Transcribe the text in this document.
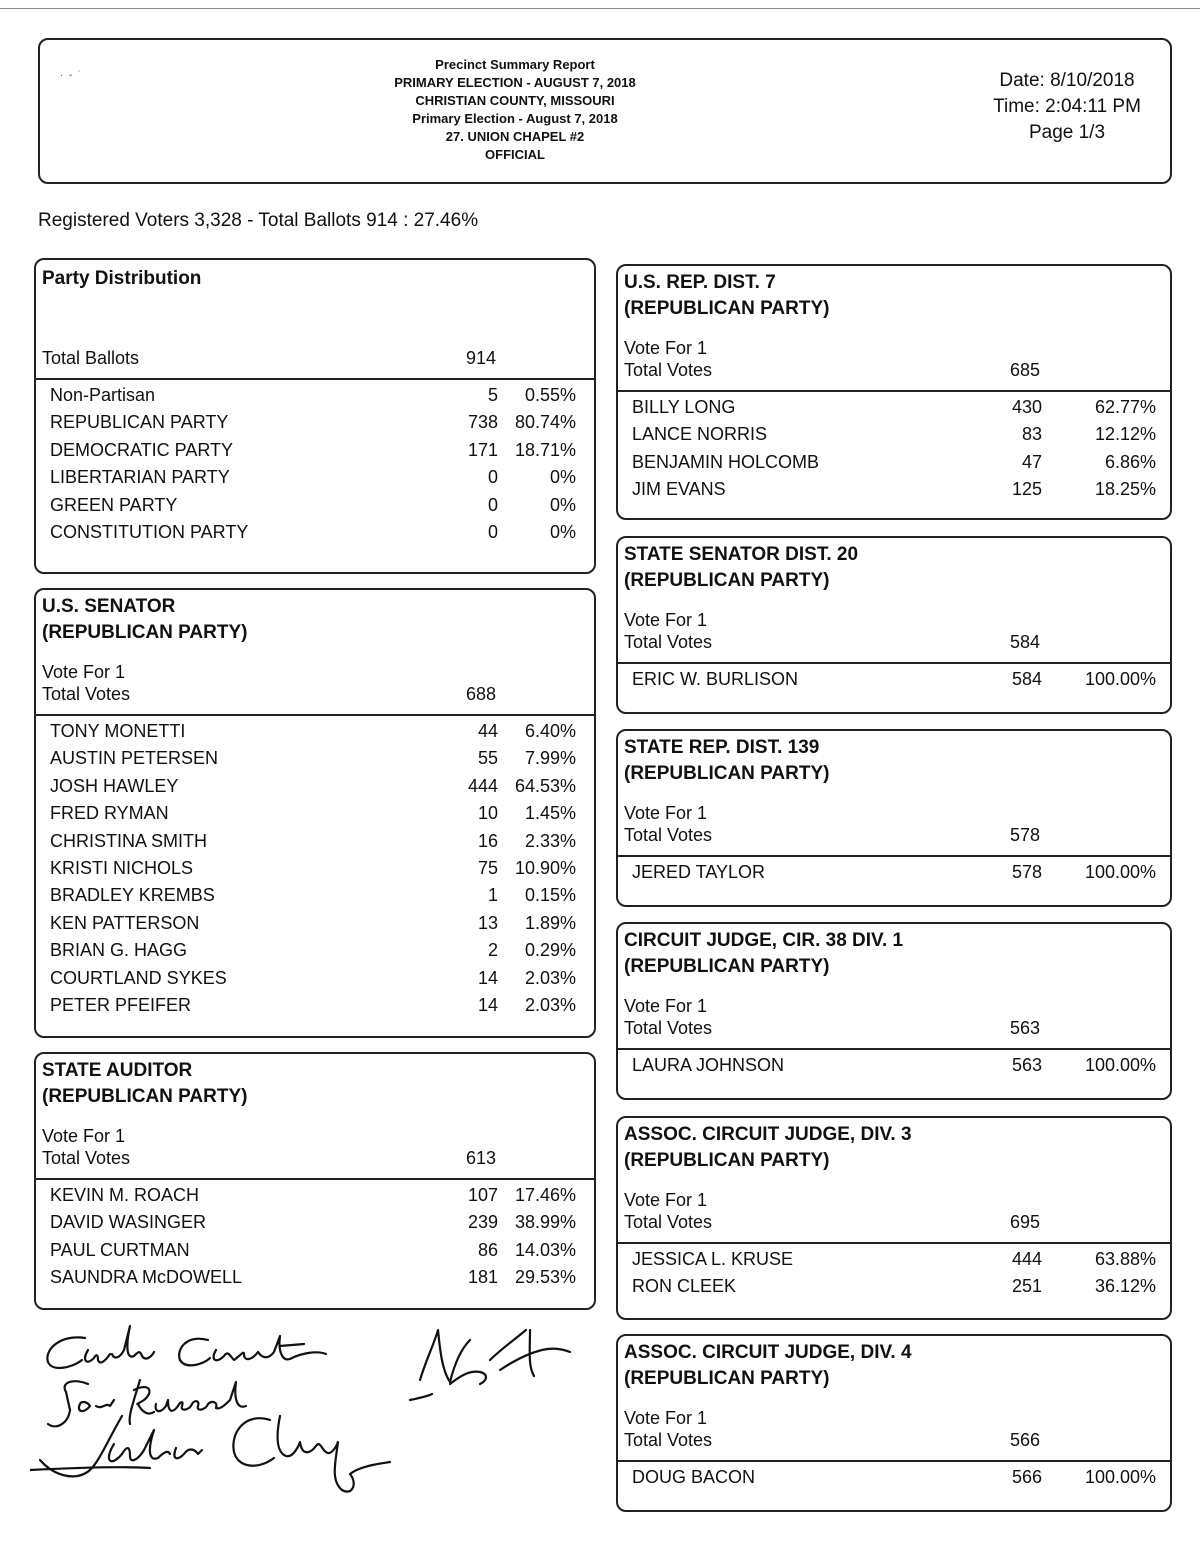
·  ‐  ˙
Precinct Summary Report
PRIMARY ELECTION - AUGUST 7, 2018
CHRISTIAN COUNTY, MISSOURI
Primary Election - August 7, 2018
27. UNION CHAPEL #2
OFFICIAL
Date: 8/10/2018
Time: 2:04:11 PM
Page 1/3
Registered Voters 3,328 - Total Ballots 914 : 27.46%
Party Distribution
Total Ballots	914
Non-Partisan	5	0.55%
REPUBLICAN PARTY	738 80.74%
DEMOCRATIC PARTY	171 18.71%
LIBERTARIAN PARTY	0	0%
GREEN PARTY	0	0%
CONSTITUTION PARTY	0	0%
U.S. SENATOR
(REPUBLICAN PARTY)
Vote For 1
Total Votes	688
TONY MONETTI	44	6.40%
AUSTIN PETERSEN	55	7.99%
JOSH HAWLEY	444 64.53%
FRED RYMAN	10	1.45%
CHRISTINA SMITH	16	2.33%
KRISTI NICHOLS	75 10.90%
BRADLEY KREMBS	1	0.15%
KEN PATTERSON	13	1.89%
BRIAN G. HAGG	2	0.29%
COURTLAND SYKES	14	2.03%
PETER PFEIFER	14	2.03%
STATE AUDITOR
(REPUBLICAN PARTY)
Vote For 1
Total Votes	613
KEVIN M. ROACH	107 17.46%
DAVID WASINGER	239 38.99%
PAUL CURTMAN	86 14.03%
SAUNDRA McDOWELL	181 29.53%
U.S. REP. DIST. 7
(REPUBLICAN PARTY)
Vote For 1
Total Votes	685
BILLY LONG	430	62.77%
LANCE NORRIS	83	12.12%
BENJAMIN HOLCOMB	47	6.86%
JIM EVANS	125	18.25%
STATE SENATOR DIST. 20
(REPUBLICAN PARTY)
Vote For 1
Total Votes	584
ERIC W. BURLISON	584	100.00%
STATE REP. DIST. 139
(REPUBLICAN PARTY)
Vote For 1
Total Votes	578
JERED TAYLOR	578	100.00%
CIRCUIT JUDGE, CIR. 38 DIV. 1
(REPUBLICAN PARTY)
Vote For 1
Total Votes	563
LAURA JOHNSON	563	100.00%
ASSOC. CIRCUIT JUDGE, DIV. 3
(REPUBLICAN PARTY)
Vote For 1
Total Votes	695
JESSICA L. KRUSE	444	63.88%
RON CLEEK	251	36.12%
ASSOC. CIRCUIT JUDGE, DIV. 4
(REPUBLICAN PARTY)
Vote For 1
Total Votes	566
DOUG BACON	566	100.00%
